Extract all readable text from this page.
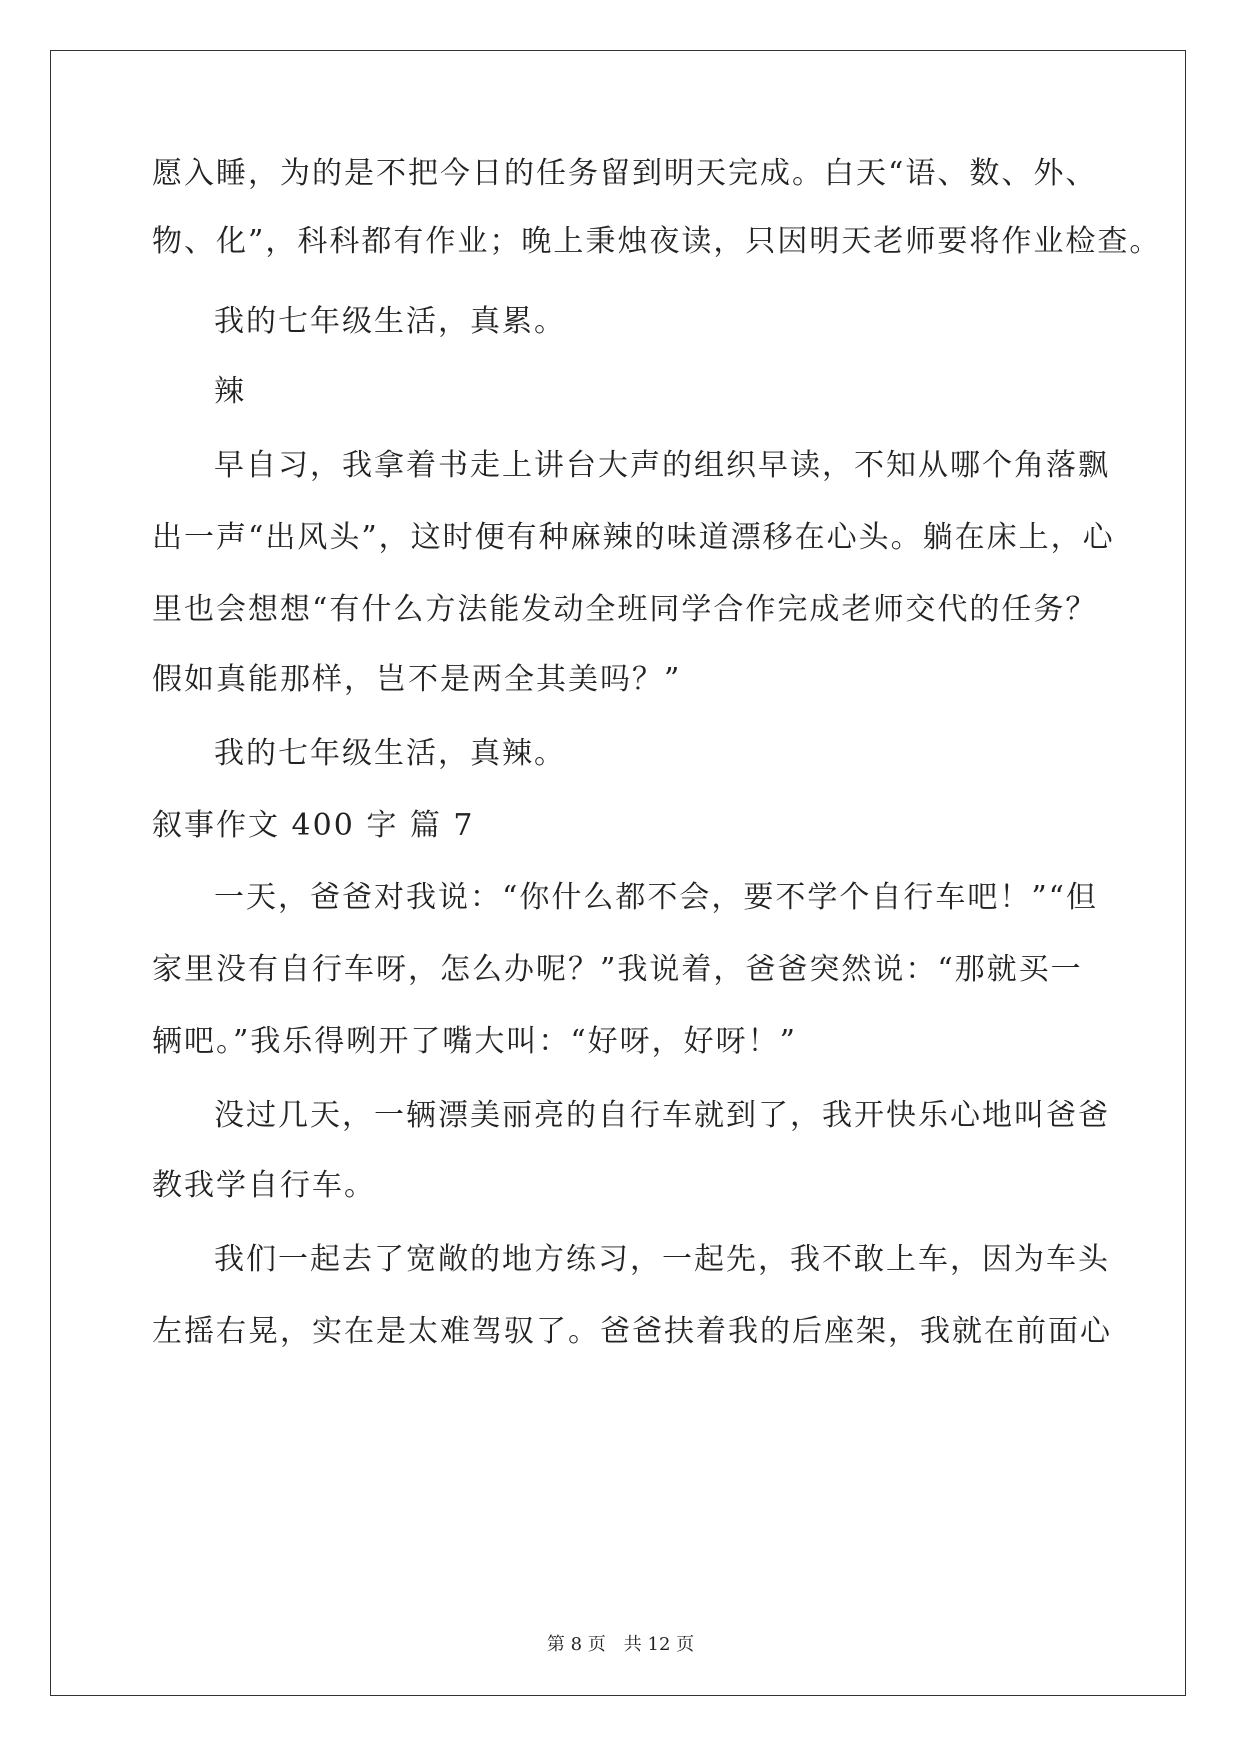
愿入睡，为的是不把今日的任务留到明天完成。白天“语、数、外、
物、化”，科科都有作业；晚上秉烛夜读，只因明天老师要将作业检查。
我的七年级生活，真累。
辣
早自习，我拿着书走上讲台大声的组织早读，不知从哪个角落飘
出一声“出风头”，这时便有种麻辣的味道漂移在心头。躺在床上，心
里也会想想“有什么方法能发动全班同学合作完成老师交代的任务？
假如真能那样，岂不是两全其美吗？”
我的七年级生活，真辣。
叙事作文 400 字 篇 7
一天，爸爸对我说：“你什么都不会，要不学个自行车吧！”“但
家里没有自行车呀，怎么办呢？”我说着，爸爸突然说：“那就买一
辆吧。”我乐得咧开了嘴大叫：“好呀，好呀！”
没过几天，一辆漂美丽亮的自行车就到了，我开快乐心地叫爸爸
教我学自行车。
我们一起去了宽敞的地方练习，一起先，我不敢上车，因为车头
左摇右晃，实在是太难驾驭了。爸爸扶着我的后座架，我就在前面心
第 8 页　共 12 页
